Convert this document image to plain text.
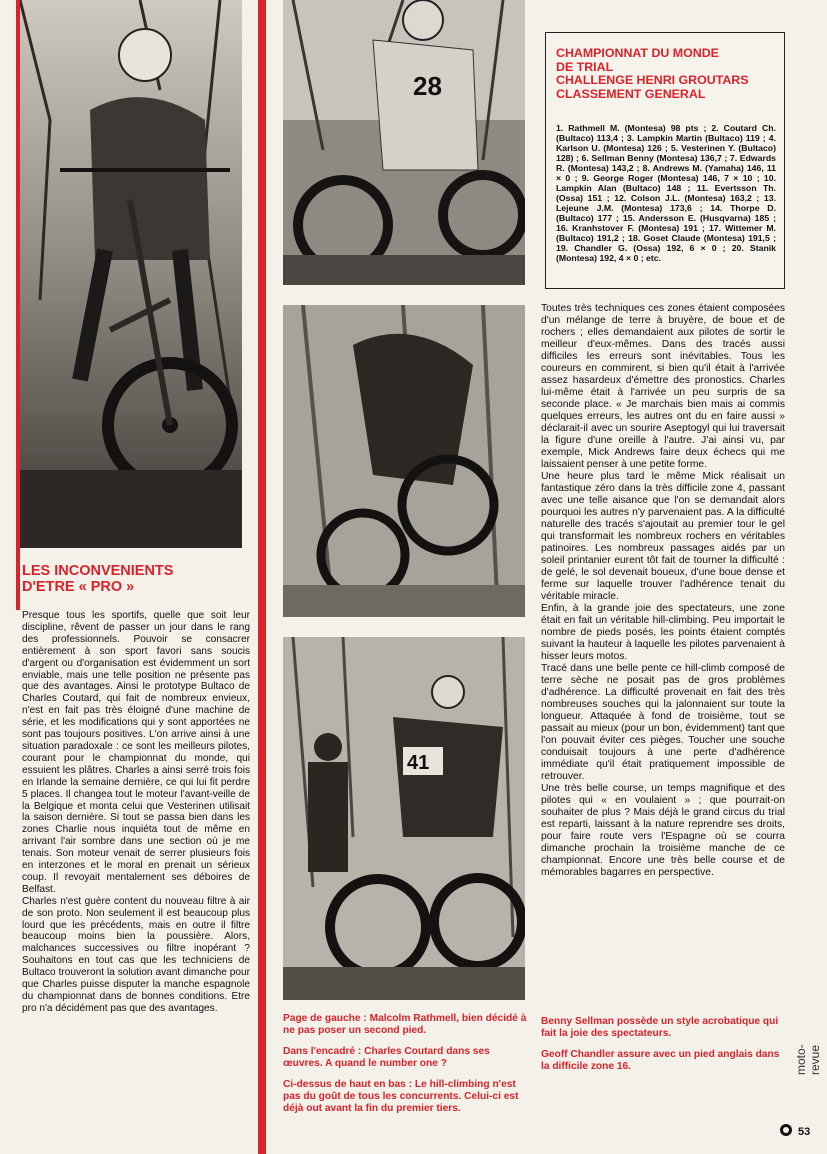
28
41
LES INCONVENIENTS
D'ETRE « PRO »

Presque tous les sportifs, quelle que soit leur discipline, rêvent de passer un jour dans le rang des professionnels. Pouvoir se consacrer entièrement à son sport favori sans soucis d'argent ou d'organisation est évidemment un sort enviable, mais une telle position ne présente pas que des avantages. Ainsi le prototype Bultaco de Charles Coutard, qui fait de nombreux envieux, n'est en fait pas très éloigné d'une machine de série, et les modifications qui y sont apportées ne sont pas toujours positives. L'on arrive ainsi à une situation paradoxale : ce sont les meilleurs pilotes, courant pour le championnat du monde, qui essuient les plâtres. Charles a ainsi serré trois fois en Irlande la semaine dernière, ce qui lui fit perdre 5 places. Il changea tout le moteur l'avant-veille de la Belgique et monta celui que Vesterinen utilisait la saison dernière. Si tout se passa bien dans les zones Charlie nous inquiéta tout de même en arrivant l'air sombre dans une section où je me tenais. Son moteur venait de serrer plusieurs fois en interzones et le moral en prenait un sérieux coup. Il revoyait mentalement ses déboires de Belfast.

Charles n'est guère content du nouveau filtre à air de son proto. Non seulement il est beaucoup plus lourd que les précédents, mais en outre il filtre beaucoup moins bien la poussière. Alors, malchances successives ou filtre inopérant ? Souhaitons en tout cas que les techniciens de Bultaco trouveront la solution avant dimanche pour que Charles puisse disputer la manche espagnole du championnat dans de bonnes conditions. Etre pro n'a décidément pas que des avantages.

CHAMPIONNAT DU MONDE
DE TRIAL
CHALLENGE HENRI GROUTARS
CLASSEMENT GENERAL
1. Rathmell M. (Montesa) 98 pts ; 2. Coutard Ch. (Bultaco) 113,4 ; 3. Lampkin Martin (Bultaco) 119 ; 4. Karlson U. (Montesa) 126 ; 5. Vesterinen Y. (Bultaco) 128) ; 6. Sellman Benny (Montesa) 136,7 ; 7. Edwards R. (Montesa) 143,2 ; 8. Andrews M. (Yamaha) 146, 11 × 0 ; 9. George Roger (Montesa) 146, 7 × 10 ; 10. Lampkin Alan (Bultaco) 148 ; 11. Evertsson Th. (Ossa) 151 ; 12. Colson J.L. (Montesa) 163,2 ; 13. Lejeune J.M. (Montesa) 173,6 ; 14. Thorpe D. (Bultaco) 177 ; 15. Andersson E. (Husqvarna) 185 ; 16. Kranhstover F. (Montesa) 191 ; 17. Wittemer M. (Bultaco) 191,2 ; 18. Goset Claude (Montesa) 191,5 ; 19. Chandler G. (Ossa) 192, 6 × 0 ; 20. Stanik (Montesa) 192, 4 × 0 ; etc.

Toutes très techniques ces zones étaient composées d'un mélange de terre à bruyère, de boue et de rochers ; elles demandaient aux pilotes de sortir le meilleur d'eux-mêmes. Dans des tracés aussi difficiles les erreurs sont inévitables. Tous les coureurs en commirent, si bien qu'il était à l'arrivée assez hasardeux d'émettre des pronostics. Charles lui-même était à l'arrivée un peu surpris de sa seconde place. « Je marchais bien mais ai commis quelques erreurs, les autres ont du en faire aussi » déclarait-il avec un sourire Aseptogyl qui lui traversait la figure d'une oreille à l'autre. J'ai ainsi vu, par exemple, Mick Andrews faire deux échecs qui me laissaient penser à une petite forme.

Une heure plus tard le même Mick réalisait un fantastique zéro dans la très difficile zone 4, passant avec une telle aisance que l'on se demandait alors pourquoi les autres n'y parvenaient pas. A la difficulté naturelle des tracés s'ajoutait au premier tour le gel qui transformait les nombreux rochers en véritables patinoires. Les nombreux passages aidés par un soleil printanier eurent tôt fait de tourner la difficulté : de gelé, le sol devenait boueux, d'une boue dense et ferme sur laquelle trouver l'adhérence tenait du véritable miracle.

Enfin, à la grande joie des spectateurs, une zone était en fait un véritable hill-climbing. Peu importait le nombre de pieds posés, les points étaient comptés suivant la hauteur à laquelle les pilotes parvenaient à hisser leurs motos.

Tracé dans une belle pente ce hill-climb composé de terre sèche ne posait pas de gros problèmes d'adhérence. La difficulté provenait en fait des très nombreuses souches qui la jalonnaient sur toute la longueur. Attaquée à fond de troisième, tout se passait au mieux (pour un bon, évidemment) tant que l'on pouvait éviter ces pièges. Toucher une souche conduisait toujours à une perte d'adhérence immédiate qu'il était pratiquement impossible de retrouver.

Une très belle course, un temps magnifique et des pilotes qui « en voulaient » ; que pourrait-on souhaiter de plus ? Mais déjà le grand circus du trial est reparti, laissant à la nature reprendre ses droits, pour faire route vers l'Espagne où se courra dimanche prochain la troisième manche de ce championnat. Encore une très belle course et de mémorables bagarres en perspective.

Page de gauche : Malcolm Rathmell, bien décidé à ne pas poser un second pied.

Dans l'encadré : Charles Coutard dans ses œuvres. A quand le number one ?

Ci-dessus de haut en bas : Le hill-climbing n'est pas du goût de tous les concurrents. Celui-ci est déjà out avant la fin du premier tiers.

Benny Sellman possède un style acrobatique qui fait la joie des spectateurs.

Geoff Chandler assure avec un pied anglais dans la difficile zone 16.	moto-revue
53
